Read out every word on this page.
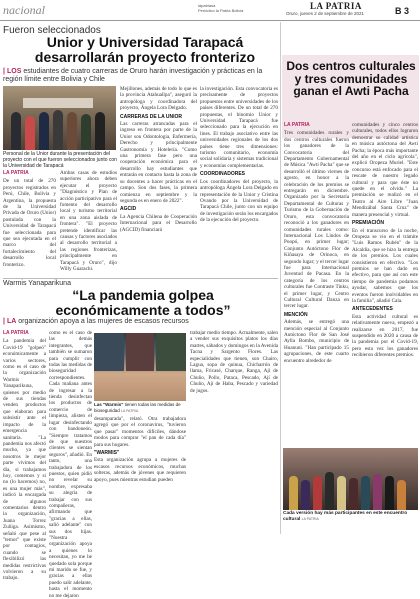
nacional	lapatriasa
Periódico la Patria Bolivia	LA PATRIA
Oruro, jueves 2 de septiembre de 2021	B 3
Fueron seleccionados
Unior y Universidad Tarapacá desarrollarán proyecto fronterizo
| LOS estudiantes de cuatro carreras de Oruro harán investigación y prácticas en la región límite entre Bolivia y Chile
Personal de la Unior durante la presentación del proyecto con el que fueron seleccionados junto con la Universidad de Tarapacá
LA PATRIA
De un total de 270 proyectos registrados en Perú, Chile, Bolivia y Argentina, la propuesta de la Universidad Privada de Oruro (Unior) postulada con la Universidad de Tarapacá fue seleccionada para que sea ejecutada en el marco del fortalecimiento del desarrollo local fronterizo.
Ambas casas de estudios superiores ahora deben ejecutar el proyecto "Diagnóstico y Plan de acción participativo para el fomento del desarrollo local y turismo territorial en una zona aislada de frontera". "El proyecto pretende identificar las causas y factores asociados al desarrollo territorial a las regiones fronterizas, principalmente en Tarapacá y Oruro", dijo Willy Guarachi.
Mejillones, además de todo lo que es la provincia Atahuallpa", aseguró la antropóloga y coordinadora del proyecto, Ángela Lora Delgado.
CARRERAS DE LA UNIOR
Las carreras atrancadas para el ingreso en frontera por parte de la Unior son Odontología, Enfermería, Derecho y principalmente Gastronomía y Hotelería. "Como una primera fase pero una cooperación económica para el desarrollo hay estudiantes que entrarán en contacto hasta la zona de su docentes a hacer prácticas en el campo. Son dos fases, la primera comienza en septiembre y la segunda es en enero de 2022".
AGCID
La Agencia Chilena de Cooperación Internacional para el Desarrollo (AGCID) financiará
la investigación. Esta convocatoria es precisamente de proyectos propuestos entre universidades de los países diferentes. De un total de 270 propuestas, el binomio Unior y Universidad Tarapacá fue seleccionado para la ejecución en lines. El trabajo asociativo entre las universidades regionales de los dos países tiene tres dimensiones: turismo comunitario, economía social solidaria y sistemas tradicional y economías complementarias.
COORDINADORES
Los coordinadores del proyecto, la antropóloga Ángela Lora Delgado en representación de la Unior y Cristina Ovando por la Universidad de Tarapacá Chile, junto con un equipo de investigación serán los encargados de la ejecución del proyecto.
Warmis Yanaparikuna
“La pandemia golpea económicamente a todos”
| LA organización apoya a las mujeres de escasos recursos
LA PATRIA
La pandemia del Covid-19 "golpeó" económicamente a varios sectores, como es el caso de la organización Warmis Yanaparikuna, quienes por medio de sus tiendas venden productos que elaboran para subsistir ante el impacto de la emergencia sanitaria. "La pandemia nos afectó mucho, ya que nosotros le mejor parte vivimos del día, si trabajamos hoy, comemos y si no (lo hacemos) no, es una mujer más", indicó la encargada de algunos comentarios dentro la organización, Juana Torrez Zuñiga. Asimismo, señaló que pese al "temor" que existe por contagios, cuando se flexibilizó las medidas restrictivas volvieron a su trabajo.
como es el caso de las demás integrantes, que también se sumaron para cumplir con todas las medidas de bioseguridad correspondientes. Cada mañana antes de ingresar a la tienda desinfectan los productos de comercio de limpieza, alisten el lugar desinfectando con bandoneón. "Siempre tratamos de que nuestros clientes se sientan seguros", añadió. En tanto, una trabajadora de los puestos, quien pidió no revelar su nombre, expresaba su alegría de trabajar con sus compañeras, afirmando que "gracias a ellas, salió adelante" con sus dos hijas. "Nuestra organización apoya a quienes lo necesitan, yo me he quedado sola porque mi marido se fue, y gracias a ellas puedo salir adelante, hasta el momento no me dejaron
Las "Warmis" tienen todas las medidas de bioseguridad LA PATRIA
desamparada", relató. Otra trabajadora agregó que por el coronavirus, "tuvieron que pasar" momentos difíciles, dándose modos para comprar "el pan de cada día" para sus hogares.
"WARMIS"
Esta organización agrupa a mujeres de escasos recursos económicos, muchas solteras, además de jóvenes que requieren apoyo, pues mientras estudian pueden
trabajar medio tiempo. Actualmente, salen a vender sus exquisitos platos los días martes, sábados y domingos en la Avenida Tacna y Sargento Flores. Las especialidades que tienen, son Chairo, Lagua, sopa de quinua, Chicharrón de llama, Fricasé, Charque, Ranga, Ají de Chuño, Pollo, Pataca, Pescado, Ají de Chuño, Ají de Haba, Pescado y variedad de jugos.
Dos centros culturales y tres comunidades ganan el Awti Pacha
LA PATRIA
Tres comunidades rurales y dos centros culturales fueron los ganadores de la Convocatoria del Departamento Gubernamental de Música "Awti Pacha" que se desarrolló el último viernes de agosto, en honor a la celebración de los premios se entregarán en diciembre. Organizado por la Secretaría Departamental de Culturas y Turismo de la Gobernación de Oruro, esta convocatoria reconoció a los ganadores en comunidades rurales como: Internacional Los Lindos de Poopó, en primer lugar; Conjunto Autóctono Flor de Kiñasaya de Orinoca, en segundo lugar; y el tercer lugar fue para Internacional Juventud de Pacasa. En la categoría de los centros culturales fue Contraste Tinku, el primer lugar, y Centro Cultural Cultural Danza en tercer lugar.
MENCIÓN
Además, se entregó una mención especial al Conjunto Autóctono Flor de San José Aylla Bombo, municipio de Huanuni. "Han participado 15 agrupaciones, de este cuarto encuentro alrededor de
comunidades y cinco centros culturales, todos ellos lograron demostrar su calidad artística en música autóctona del Awti Pacha; la época más importante del año en el ciclo agrícola", explicó Oropeza Muriel. "Este concurso está enfocado para el rescate de nuestro legado cultural y para que éste no quede en el olvido." La premiación se realizó en el Teatro al Aire Libre "Juan Mendizábal Santa Cruz" de manera presencial y virtual.
PREMIACIÓN
En el transcurso de la noche, Oropeza se vio en el trámite "Luis Ramos Rubén" de la Alcaldía, que se hizo la entrega de los premios. Los cuales consistieron en efectivo. "Los premios se han dado en efectivo, para que así con este tiempo de pandemia podamos ayudar, sabemos que los eventos fueron inolvidables en la familia", añadió Cala.
ANTECEDENTES
Esta actividad cultural es relativamente nueva, empezó a realizarse en 2017, fue suspendido en 2020 a causa de la pandemia por el Covid-19, pero esta vez los ganadores recibieron diferentes premios.
Cada versión hay más participantes en este encuentro cultural LA PATRIA
